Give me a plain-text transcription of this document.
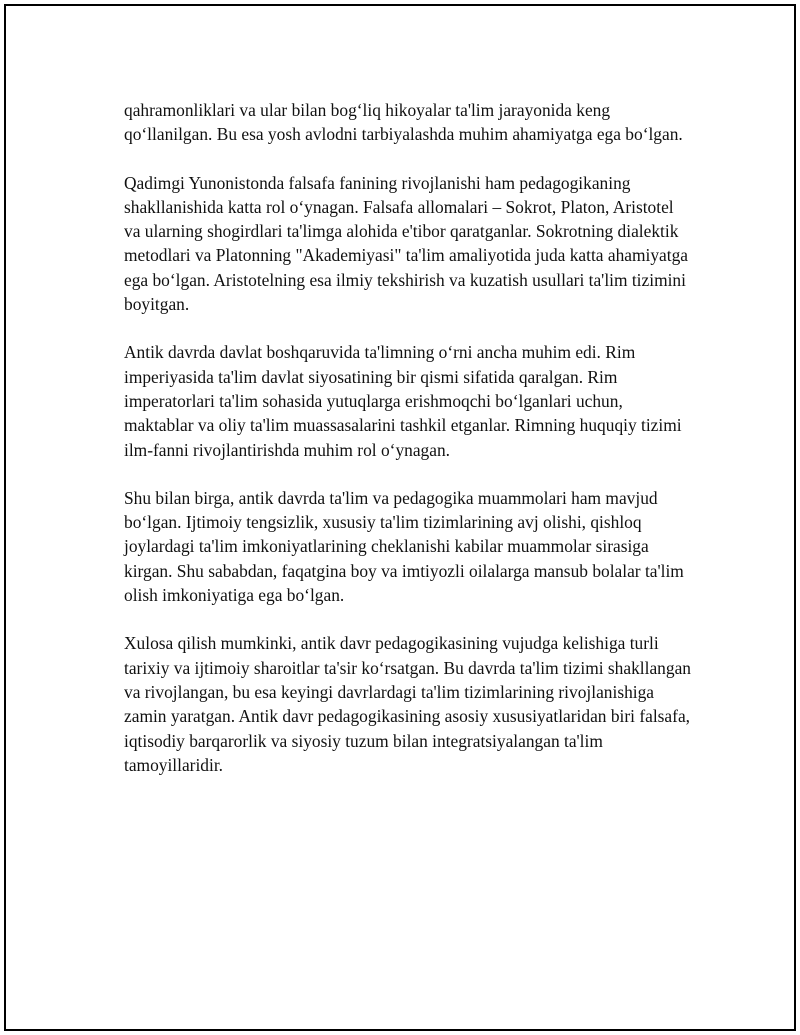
qahramonliklari va ular bilan bog‘liq hikoyalar ta'lim jarayonida keng qo‘llanilgan. Bu esa yosh avlodni tarbiyalashda muhim ahamiyatga ega bo‘lgan.

Qadimgi Yunonistonda falsafa fanining rivojlanishi ham pedagogikaning shakllanishida katta rol o‘ynagan. Falsafa allomalari – Sokrot, Platon, Aristotel va ularning shogirdlari ta'limga alohida e'tibor qaratganlar. Sokrotning dialektik metodlari va Platonning "Akademiyasi" ta'lim amaliyotida juda katta ahamiyatga ega bo‘lgan. Aristotelning esa ilmiy tekshirish va kuzatish usullari ta'lim tizimini boyitgan.

Antik davrda davlat boshqaruvida ta'limning o‘rni ancha muhim edi. Rim imperiyasida ta'lim davlat siyosatining bir qismi sifatida qaralgan. Rim imperatorlari ta'lim sohasida yutuqlarga erishmoqchi bo‘lganlari uchun, maktablar va oliy ta'lim muassasalarini tashkil etganlar. Rimning huquqiy tizimi ilm-fanni rivojlantirishda muhim rol o‘ynagan.

Shu bilan birga, antik davrda ta'lim va pedagogika muammolari ham mavjud bo‘lgan. Ijtimoiy tengsizlik, xususiy ta'lim tizimlarining avj olishi, qishloq joylardagi ta'lim imkoniyatlarining cheklanishi kabilar muammolar sirasiga kirgan. Shu sababdan, faqatgina boy va imtiyozli oilalarga mansub bolalar ta'lim olish imkoniyatiga ega bo‘lgan.

Xulosa qilish mumkinki, antik davr pedagogikasining vujudga kelishiga turli tarixiy va ijtimoiy sharoitlar ta'sir ko‘rsatgan. Bu davrda ta'lim tizimi shakllangan va rivojlangan, bu esa keyingi davrlardagi ta'lim tizimlarining rivojlanishiga zamin yaratgan. Antik davr pedagogikasining asosiy xususiyatlaridan biri falsafa, iqtisodiy barqarorlik va siyosiy tuzum bilan integratsiyalangan ta'lim tamoyillaridir.
